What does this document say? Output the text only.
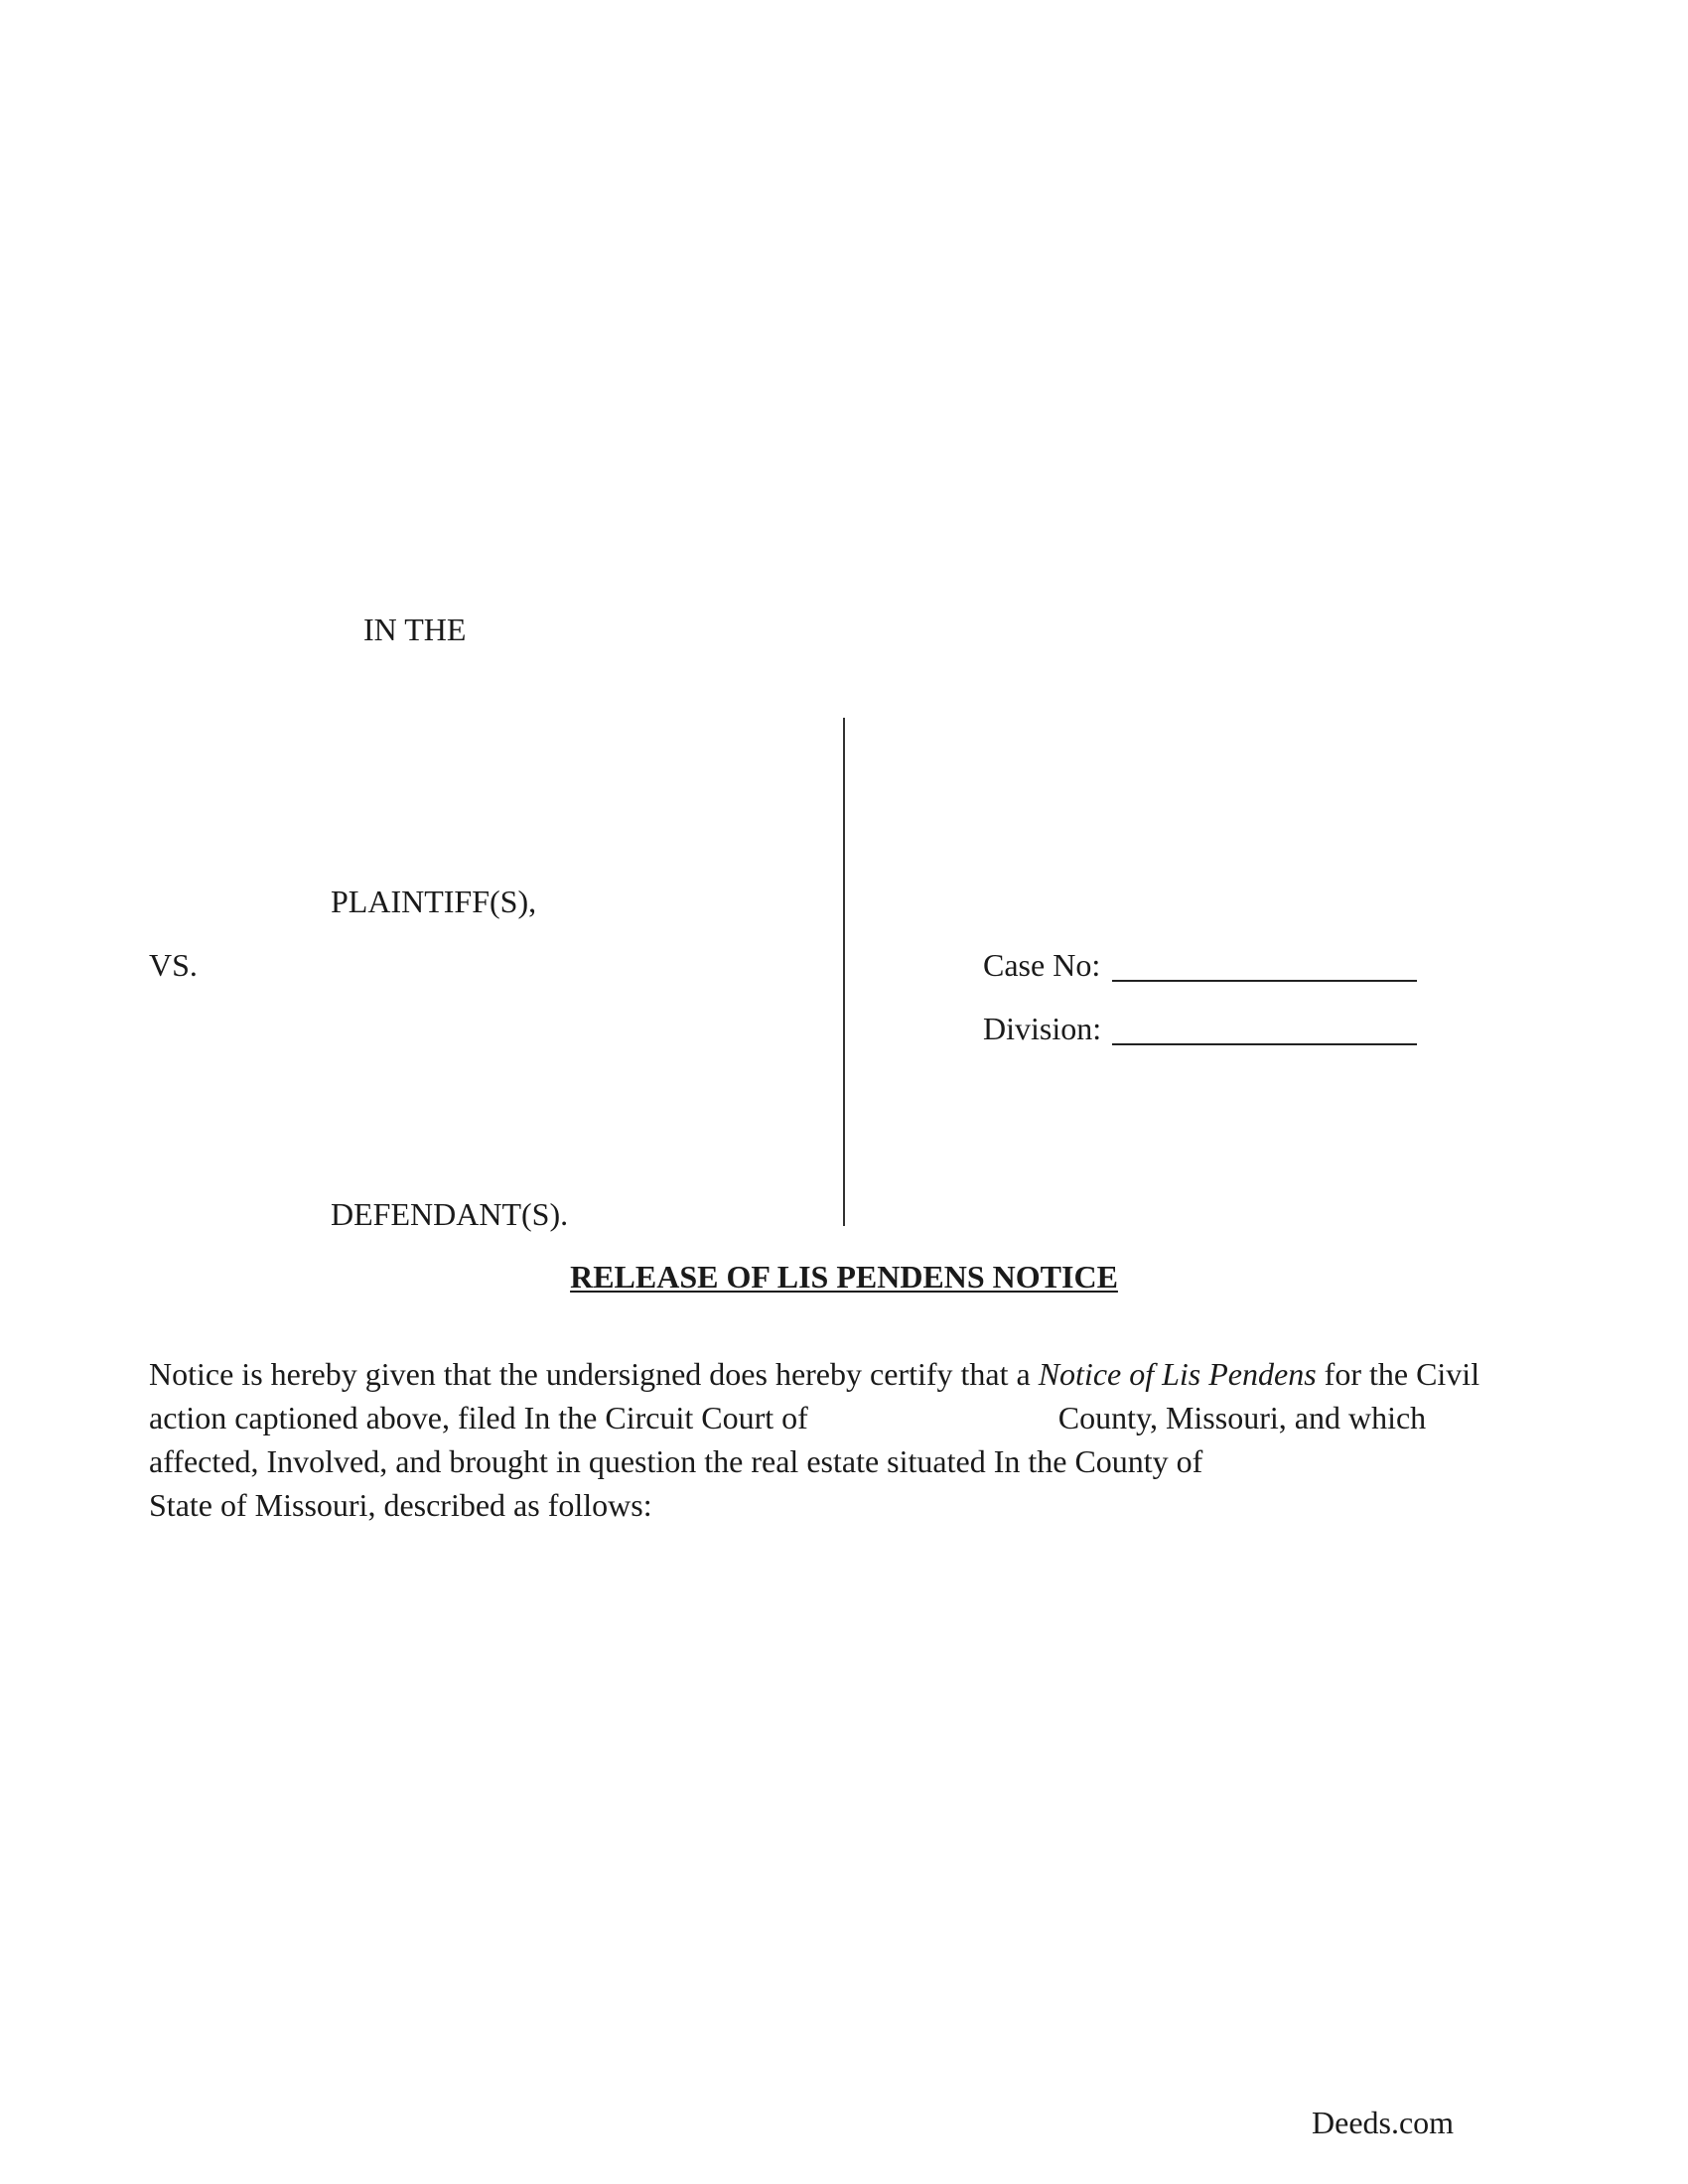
IN THE
PLAINTIFF(S),
VS.	Case No:
Division:
DEFENDANT(S).
RELEASE OF LIS PENDENS NOTICE
Notice is hereby given that the undersigned does hereby certify that a Notice of Lis Pendens for the Civil
action captioned above, filed In the Circuit Court of	County, Missouri, and which
affected, Involved, and brought in question the real estate situated In the County of
State of Missouri, described as follows:
Deeds.com
